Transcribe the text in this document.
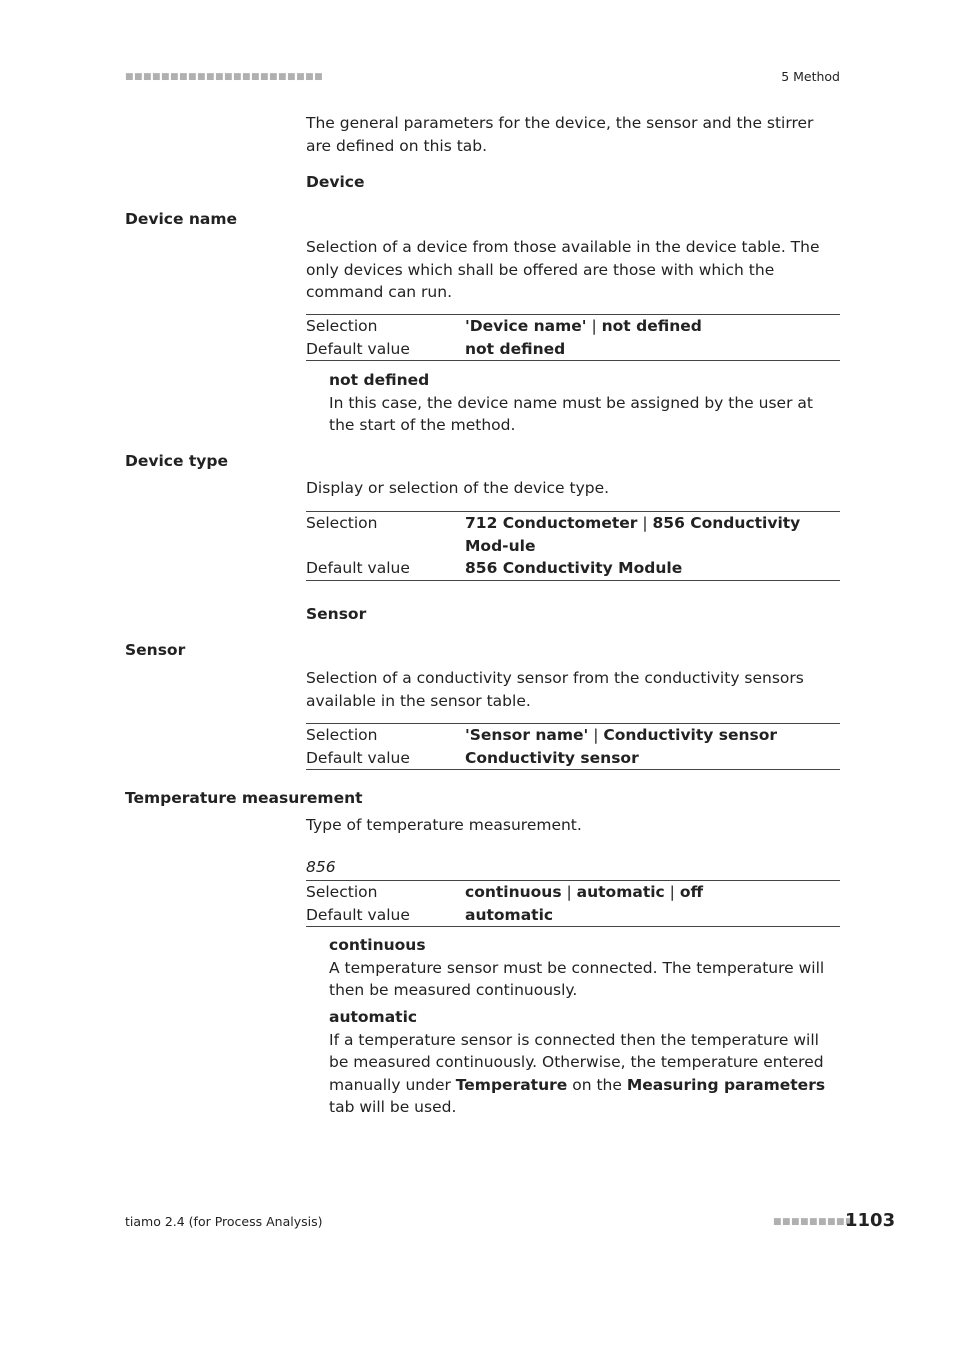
■■■■■■■■■■■■■■■■■■■■■■	5 Method
The general parameters for the device, the sensor and the stirrer are defined on this tab.
Device
Device name
Selection of a device from those available in the device table. The only devices which shall be offered are those with which the command can run.
Selection	'Device name' | not defined
Default value	not defined
not defined
In this case, the device name must be assigned by the user at the start of the method.
Device type
Display or selection of the device type.
Selection	712 Conductometer | 856 Conductivity Mod-ule
Default value	856 Conductivity Module
Sensor
Sensor
Selection of a conductivity sensor from the conductivity sensors available in the sensor table.
Selection	'Sensor name' | Conductivity sensor
Default value	Conductivity sensor
Temperature measurement
Type of temperature measurement.
856
Selection	continuous | automatic | off
Default value	automatic
continuous
A temperature sensor must be connected. The temperature will then be measured continuously.
automatic
If a temperature sensor is connected then the temperature will be measured continuously. Otherwise, the temperature entered manually under Temperature on the Measuring parameters tab will be used.
tiamo 2.4 (for Process Analysis)	■■■■■■■■■
1103
